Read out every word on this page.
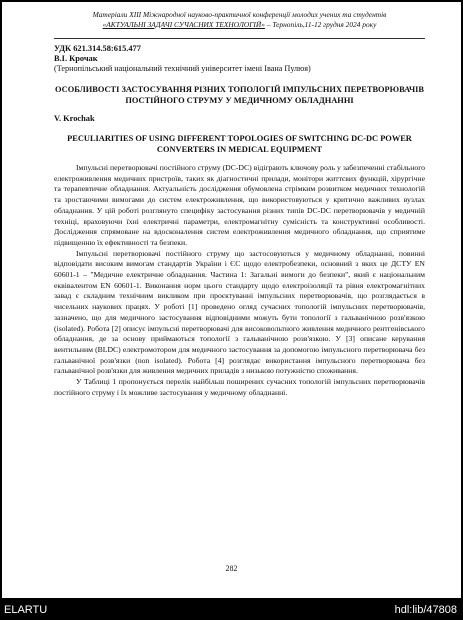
Матеріали XIII Міжнародної науково-практичної конференції молодих учених та студентів
«АКТУАЛЬНІ ЗАДАЧІ СУЧАСНИХ ТЕХНОЛОГІЙ» – Тернопіль,11-12 грудня 2024 року
УДК 621.314.58:615.477
В.І. Крочак
(Тернопільський національний технічний університет імені Івана Пулюя)
ОСОБЛИВОСТІ ЗАСТОСУВАННЯ РІЗНИХ ТОПОЛОГІЙ ІМПУЛЬСНИХ ПЕРЕТВОРЮВАЧІВ ПОСТІЙНОГО СТРУМУ У МЕДИЧНОМУ ОБЛАДНАННІ
V. Krochak
PECULIARITIES OF USING DIFFERENT TOPOLOGIES OF SWITCHING DC-DC POWER CONVERTERS IN MEDICAL EQUIPMENT

Імпульсні перетворювачі постійного струму (DC-DC) відіграють ключову роль у забезпеченні стабільного електроживлення медичних пристроїв, таких як діагностичні прилади, монітори життєвих функцій, хірургічне та терапевтичне обладнання. Актуальність дослідження обумовлена стрімким розвитком медичних технологій та зростаючими вимогами до систем електроживлення, що використовуються у критично важливих вузлах обладнання. У цій роботі розглянуто специфіку застосування різних типів DC-DC перетворювачів у медичній техніці, враховуючи їхні електричні параметри, електромагнітну сумісність та конструктивні особливості. Дослідження спрямоване на вдосконалення систем електроживлення медичного обладнання, що сприятиме підвищенню їх ефективності та безпеки.

Імпульсні перетворювачі постійного струму що застосовуються у медичному обладнанні, повинні відповідати високим вимогам стандартів України і ЄС щодо електробезпеки, основний з яких це ДСТУ EN 60601-1 – "Медичне електричне обладнання. Частина 1: Загальні вимоги до безпеки", який є національним еквівалентом EN 60601-1. Виконання норм цього стандарту щодо електроізоляції та рівня електромагнітних завад є складним технічним викликом при проєктуванні імпульсних перетворювачів, що розглядається в чисельних наукових працях. У роботі [1] проведено огляд сучасних топологій імпульсних перетворювачів, зазначено, що для медичного застосування відповідними можуть бути топології з гальванічною розв'язкою (isolated). Робота [2] описує імпульсні перетворювачі для високовольтного живлення медичного рентгенівського обладнання, де за основу приймаються топології з гальванічною розв'язкою. У [3] описане керування вентильним (BLDC) електромотором для медичного застосування за допомогою імпульсного перетворювача без гальванічної розв'язки (non isolated). Робота [4] розглядає використання імпульсного перетворювача без гальванічної розв'язки для живлення медичних приладів з низькою потужністю споживання.

У Таблиці 1 пропонується перелік найбільш поширених сучасних топологій імпульсних перетворювачів постійного струму і їх можливе застосування у медичному обладнанні.

282
ELARTU	hdl:lib/47808
